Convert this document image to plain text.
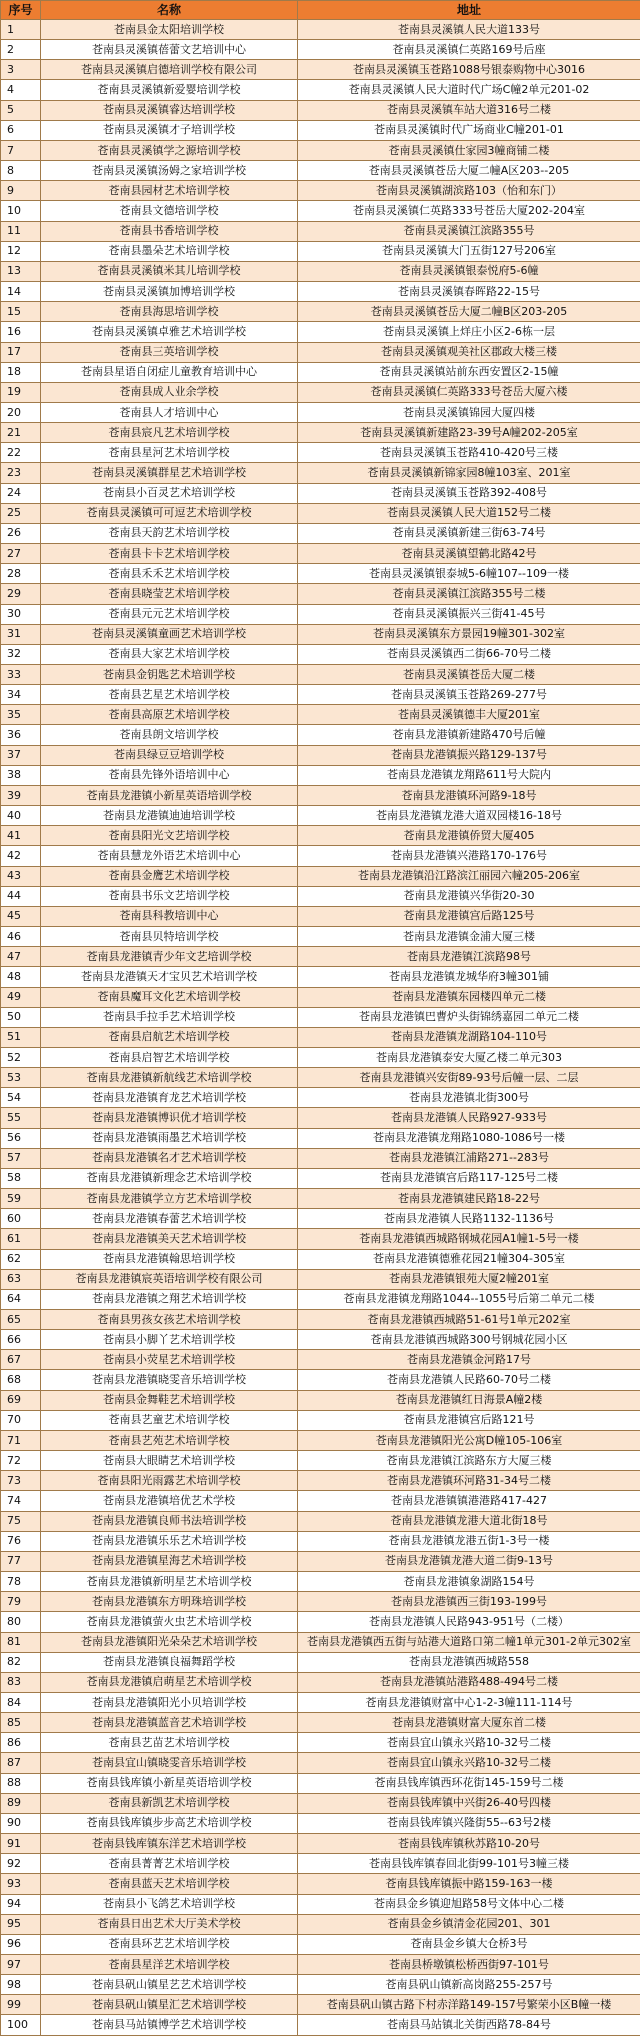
序号	名称	地址
1	苍南县金太阳培训学校	苍南县灵溪镇人民大道133号
2	苍南县灵溪镇蓓蕾文艺培训中心	苍南县灵溪镇仁英路169号后座
3	苍南县灵溪镇启德培训学校有限公司	苍南县灵溪镇玉苍路1088号银泰购物中心3016
4	苍南县灵溪镇新爱婴培训学校	苍南县灵溪镇人民大道时代广场C幢2单元201-02
5	苍南县灵溪镇睿达培训学校	苍南县灵溪镇车站大道316号二楼
6	苍南县灵溪镇才子培训学校	苍南县灵溪镇时代广场商业C幢201-01
7	苍南县灵溪镇学之源培训学校	苍南县灵溪镇仕家园3幢商铺二楼
8	苍南县灵溪镇汤姆之家培训学校	苍南县灵溪镇苍岳大厦二幢A区203--205
9	苍南县园材艺术培训学校	苍南县灵溪镇湖滨路103（怡和东门）
10	苍南县文德培训学校	苍南县灵溪镇仁英路333号苍岳大厦202-204室
11	苍南县书香培训学校	苍南县灵溪镇江滨路355号
12	苍南县墨朵艺术培训学校	苍南县灵溪镇大门五街127号206室
13	苍南县灵溪镇米其儿培训学校	苍南县灵溪镇银泰悦府5-6幢
14	苍南县灵溪镇加博培训学校	苍南县灵溪镇春晖路22-15号
15	苍南县海思培训学校	苍南县灵溪镇苍岳大厦二幢B区203-205
16	苍南县灵溪镇卓雅艺术培训学校	苍南县灵溪镇上烊庄小区2-6栋一层
17	苍南县三英培训学校	苍南县灵溪镇观美社区郡政大楼三楼
18	苍南县星语自闭症儿童教育培训中心	苍南县灵溪镇站前东西安置区2-15幢
19	苍南县成人业余学校	苍南县灵溪镇仁英路333号苍岳大厦六楼
20	苍南县人才培训中心	苍南县灵溪镇锦园大厦四楼
21	苍南县宸凡艺术培训学校	苍南县灵溪镇新建路23-39号A幢202-205室
22	苍南县星河艺术培训学校	苍南县灵溪镇玉苍路410-420号三楼
23	苍南县灵溪镇群星艺术培训学校	苍南县灵溪镇新锦家园8幢103室、201室
24	苍南县小百灵艺术培训学校	苍南县灵溪镇玉苍路392-408号
25	苍南县灵溪镇可可逗艺术培训学校	苍南县灵溪镇人民大道152号二楼
26	苍南县天韵艺术培训学校	苍南县灵溪镇新建三街63-74号
27	苍南县卡卡艺术培训学校	苍南县灵溪镇望鹤北路42号
28	苍南县禾禾艺术培训学校	苍南县灵溪镇银泰城5-6幢107--109一楼
29	苍南县晓莹艺术培训学校	苍南县灵溪镇江滨路355号二楼
30	苍南县元元艺术培训学校	苍南县灵溪镇振兴三街41-45号
31	苍南县灵溪镇童画艺术培训学校	苍南县灵溪镇东方景园19幢301-302室
32	苍南县大家艺术培训学校	苍南县灵溪镇西二街66-70号二楼
33	苍南县金钥匙艺术培训学校	苍南县灵溪镇苍岳大厦二楼
34	苍南县艺星艺术培训学校	苍南县灵溪镇玉苍路269-277号
35	苍南县高原艺术培训学校	苍南县灵溪镇德丰大厦201室
36	苍南县朗文培训学校	苍南县龙港镇新建路470号后幢
37	苍南县绿豆豆培训学校	苍南县龙港镇振兴路129-137号
38	苍南县先锋外语培训中心	苍南县龙港镇龙翔路611号大院内
39	苍南县龙港镇小新星英语培训学校	苍南县龙港镇环河路9-18号
40	苍南县龙港镇迪迪培训学校	苍南县龙港镇龙港大道双园楼16-18号
41	苍南县阳光文艺培训学校	苍南县龙港镇侨贸大厦405
42	苍南县慧龙外语艺术培训中心	苍南县龙港镇兴港路170-176号
43	苍南县金鹰艺术培训学校	苍南县龙港镇沿江路滨江丽园六幢205-206室
44	苍南县书乐文艺培训学校	苍南县龙港镇兴华街20-30
45	苍南县科教培训中心	苍南县龙港镇宫后路125号
46	苍南县贝特培训学校	苍南县龙港镇金浦大厦三楼
47	苍南县龙港镇青少年文艺培训学校	苍南县龙港镇江滨路98号
48	苍南县龙港镇天才宝贝艺术培训学校	苍南县龙港镇龙城华府3幢301铺
49	苍南县魔耳文化艺术培训学校	苍南县龙港镇东园楼四单元二楼
50	苍南县手拉手艺术培训学校	苍南县龙港镇巴曹炉头街锦绣嘉园二单元二楼
51	苍南县启航艺术培训学校	苍南县龙港镇龙湖路104-110号
52	苍南县启智艺术培训学校	苍南县龙港镇泰安大厦乙楼二单元303
53	苍南县龙港镇新航线艺术培训学校	苍南县龙港镇兴安街89-93号后幢一层、二层
54	苍南县龙港镇育龙艺术培训学校	苍南县龙港镇北街300号
55	苍南县龙港镇博识优才培训学校	苍南县龙港镇人民路927-933号
56	苍南县龙港镇雨墨艺术培训学校	苍南县龙港镇龙翔路1080-1086号一楼
57	苍南县龙港镇名才艺术培训学校	苍南县龙港镇江浦路271--283号
58	苍南县龙港镇新理念艺术培训学校	苍南县龙港镇宫后路117-125号二楼
59	苍南县龙港镇学立方艺术培训学校	苍南县龙港镇建民路18-22号
60	苍南县龙港镇春蕾艺术培训学校	苍南县龙港镇人民路1132-1136号
61	苍南县龙港镇美天艺术培训学校	苍南县龙港镇西城路钢城花园A1幢1-5号一楼
62	苍南县龙港镇翰思培训学校	苍南县龙港镇德雅花园21幢304-305室
63	苍南县龙港镇宸英语培训学校有限公司	苍南县龙港镇银苑大厦2幢201室
64	苍南县龙港镇之翔艺术培训学校	苍南县龙港镇龙翔路1044--1055号后第二单元二楼
65	苍南县男孩女孩艺术培训学校	苍南县龙港镇西城路51-61号1单元202室
66	苍南县小脚丫艺术培训学校	苍南县龙港镇西城路300号钢城花园小区
67	苍南县小荧星艺术培训学校	苍南县龙港镇金河路17号
68	苍南县龙港镇晓雯音乐培训学校	苍南县龙港镇人民路60-70号二楼
69	苍南县金舞鞋艺术培训学校	苍南县龙港镇红日海景A幢2楼
70	苍南县艺童艺术培训学校	苍南县龙港镇宫后路121号
71	苍南县艺苑艺术培训学校	苍南县龙港镇阳光公寓D幢105-106室
72	苍南县大眼睛艺术培训学校	苍南县龙港镇江滨路东方大厦三楼
73	苍南县阳光雨露艺术培训学校	苍南县龙港镇环河路31-34号二楼
74	苍南县龙港镇培优艺术学校	苍南县龙港镇镇港港路417-427
75	苍南县龙港镇良师书法培训学校	苍南县龙港镇龙港大道北街18号
76	苍南县龙港镇乐乐艺术培训学校	苍南县龙港镇龙港五街1-3号一楼
77	苍南县龙港镇星海艺术培训学校	苍南县龙港镇龙港大道二街9-13号
78	苍南县龙港镇新明星艺术培训学校	苍南县龙港镇象湖路154号
79	苍南县龙港镇东方明珠培训学校	苍南县龙港镇西三街193-199号
80	苍南县龙港镇萤火虫艺术培训学校	苍南县龙港镇人民路943-951号（二楼）
81	苍南县龙港镇阳光朵朵艺术培训学校	苍南县龙港镇西五街与站港大道路口第二幢1单元301-2单元302室
82	苍南县龙港镇良福舞蹈学校	苍南县龙港镇西城路558
83	苍南县龙港镇启萌星艺术培训学校	苍南县龙港镇站港路488-494号二楼
84	苍南县龙港镇阳光小贝培训学校	苍南县龙港镇财富中心1-2-3幢111-114号
85	苍南县龙港镇蓝音艺术培训学校	苍南县龙港镇财富大厦东首二楼
86	苍南县艺苗艺术培训学校	苍南县宜山镇永兴路10-32号二楼
87	苍南县宜山镇晓雯音乐培训学校	苍南县宜山镇永兴路10-32号二楼
88	苍南县钱库镇小新星英语培训学校	苍南县钱库镇西环花街145-159号二楼
89	苍南县新凯艺术培训学校	苍南县钱库镇中兴街26-40号四楼
90	苍南县钱库镇步步高艺术培训学校	苍南县钱库镇兴隆街55--63号2楼
91	苍南县钱库镇东洋艺术培训学校	苍南县钱库镇秋苏路10-20号
92	苍南县菁菁艺术培训学校	苍南县钱库镇春回北街99-101号3幢三楼
93	苍南县蓝天艺术培训学校	苍南县钱库镇振中路159-163一楼
94	苍南县小飞鸽艺术培训学校	苍南县金乡镇迎旭路58号文体中心二楼
95	苍南县日出艺术大厅美术学校	苍南县金乡镇清金花园201、301
96	苍南县环艺艺术培训学校	苍南县金乡镇大仓桥3号
97	苍南县星洋艺术培训学校	苍南县桥墩镇松桥西街97-101号
98	苍南县矾山镇星艺艺术培训学校	苍南县矾山镇新高岗路255-257号
99	苍南县矾山镇星汇艺术培训学校	苍南县矾山镇古路下村赤洋路149-157号繁荣小区B幢一楼
100	苍南县马站镇博学艺术培训学校	苍南县马站镇北关街西路78-84号
